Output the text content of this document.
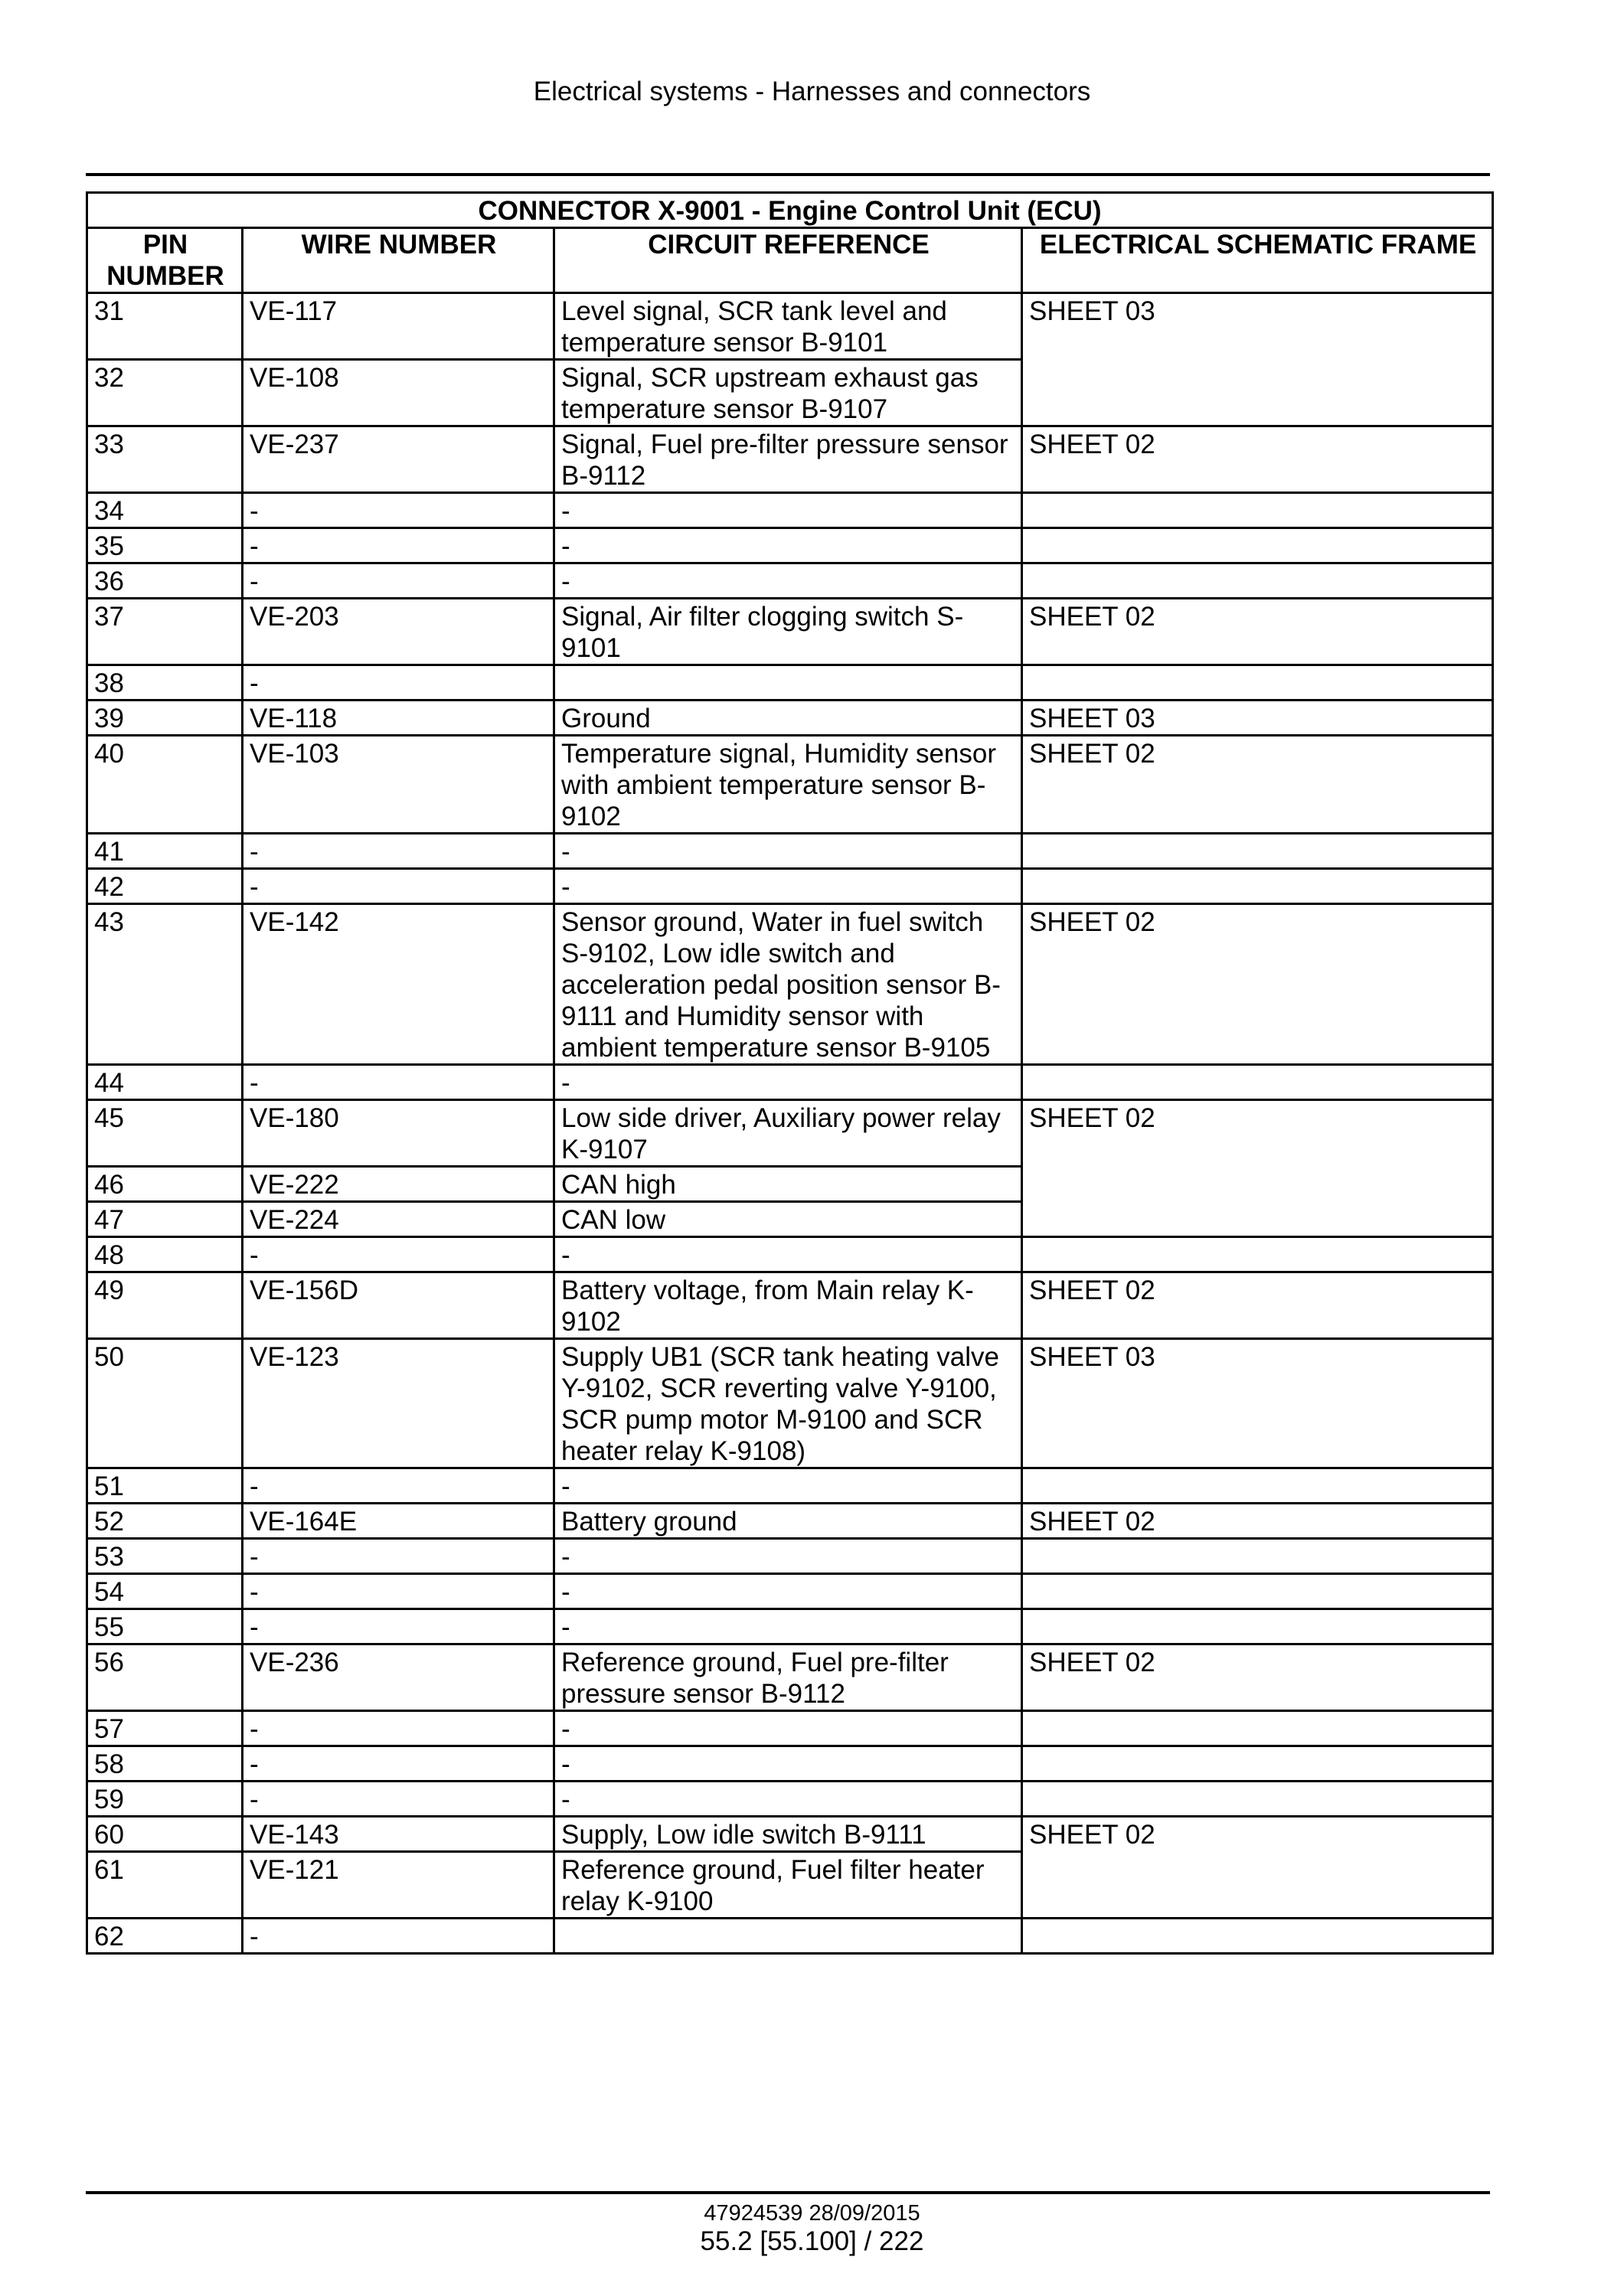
Electrical systems - Harnesses and connectors
CONNECTOR X-9001 - Engine Control Unit (ECU)			
PIN NUMBER	WIRE NUMBER	CIRCUIT REFERENCE	ELECTRICAL SCHEMATIC FRAME
31	VE-117	Level signal, SCR tank level and temperature sensor B-9101	SHEET 03
32	VE-108	Signal, SCR upstream exhaust gas temperature sensor B-9107	
33	VE-237	Signal, Fuel pre-filter pressure sensor B-9112	SHEET 02
34	-	-	
35	-	-	
36	-	-	
37	VE-203	Signal, Air filter clogging switch S-9101	SHEET 02
38	-		
39	VE-118	Ground	SHEET 03
40	VE-103	Temperature signal, Humidity sensor with ambient temperature sensor B-9102	SHEET 02
41	-	-	
42	-	-	
43	VE-142	Sensor ground, Water in fuel switch S-9102, Low idle switch and acceleration pedal position sensor B-9111 and Humidity sensor with ambient temperature sensor B-9105	SHEET 02
44	-	-	
45	VE-180	Low side driver, Auxiliary power relay K-9107	SHEET 02
46	VE-222	CAN high	
47	VE-224	CAN low	
48	-	-	
49	VE-156D	Battery voltage, from Main relay K-9102	SHEET 02
50	VE-123	Supply UB1 (SCR tank heating valve Y-9102, SCR reverting valve Y-9100, SCR pump motor M-9100 and SCR heater relay K-9108)	SHEET 03
51	-	-	
52	VE-164E	Battery ground	SHEET 02
53	-	-	
54	-	-	
55	-	-	
56	VE-236	Reference ground, Fuel pre-filter pressure sensor B-9112	SHEET 02
57	-	-	
58	-	-	
59	-	-	
60	VE-143	Supply, Low idle switch B-9111	SHEET 02
61	VE-121	Reference ground, Fuel filter heater relay K-9100	
62	-		
47924539 28/09/2015
55.2 [55.100] / 222
